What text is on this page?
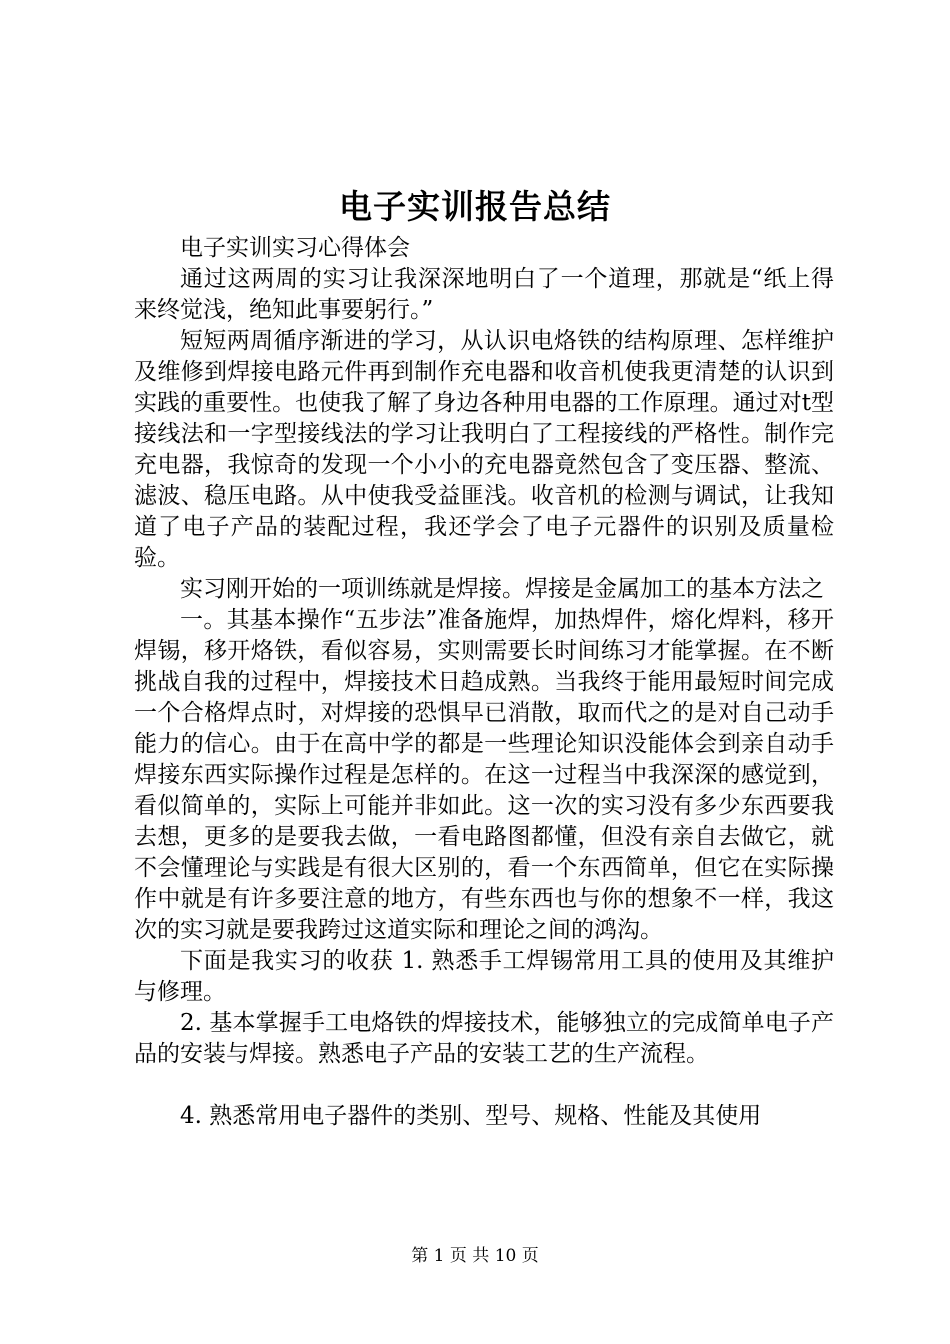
电子实训报告总结

电子实训实习心得体会

通过这两周的实习让我深深地明白了一个道理，那就是“纸上得来终觉浅，绝知此事要躬行。”

短短两周循序渐进的学习，从认识电烙铁的结构原理、怎样维护及维修到焊接电路元件再到制作充电器和收音机使我更清楚的认识到实践的重要性。也使我了解了身边各种用电器的工作原理。通过对t型接线法和一字型接线法的学习让我明白了工程接线的严格性。制作完充电器，我惊奇的发现一个小小的充电器竟然包含了变压器、整流、滤波、稳压电路。从中使我受益匪浅。收音机的检测与调试，让我知道了电子产品的装配过程，我还学会了电子元器件的识别及质量检验。

实习刚开始的一项训练就是焊接。焊接是金属加工的基本方法之

一。其基本操作“五步法”准备施焊，加热焊件，熔化焊料，移开焊锡，移开烙铁，看似容易，实则需要长时间练习才能掌握。在不断挑战自我的过程中，焊接技术日趋成熟。当我终于能用最短时间完成一个合格焊点时，对焊接的恐惧早已消散，取而代之的是对自己动手能力的信心。由于在高中学的都是一些理论知识没能体会到亲自动手焊接东西实际操作过程是怎样的。在这一过程当中我深深的感觉到，看似简单的，实际上可能并非如此。这一次的实习没有多少东西要我去想，更多的是要我去做，一看电路图都懂，但没有亲自去做它，就不会懂理论与实践是有很大区别的，看一个东西简单，但它在实际操作中就是有许多要注意的地方，有些东西也与你的想象不一样，我这次的实习就是要我跨过这道实际和理论之间的鸿沟。

下面是我实习的收获 1. 熟悉手工焊锡常用工具的使用及其维护与修理。

2. 基本掌握手工电烙铁的焊接技术，能够独立的完成简单电子产品的安装与焊接。熟悉电子产品的安装工艺的生产流程。

4. 熟悉常用电子器件的类别、型号、规格、性能及其使用

第 1 页 共 10 页
